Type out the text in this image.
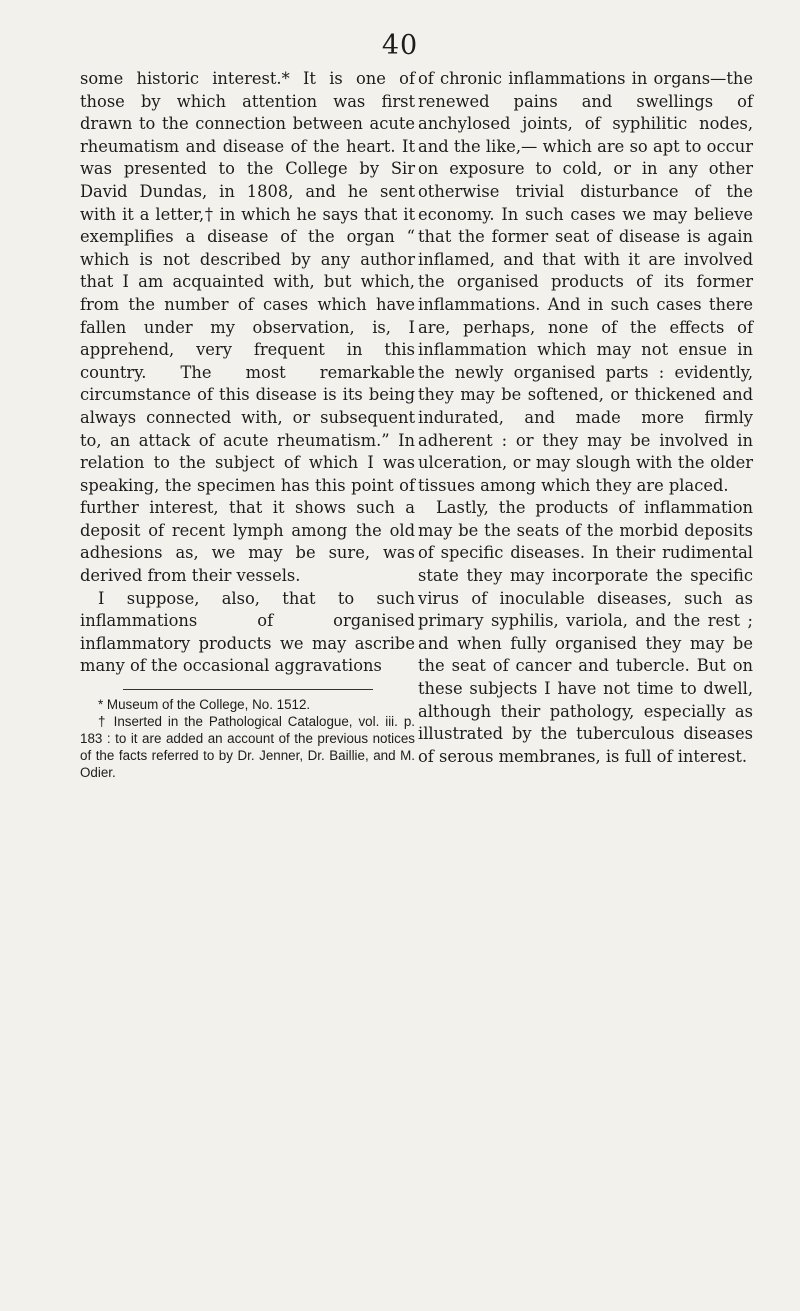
40

some historic interest.* It is one of those by which attention was first drawn to the connection between acute rheumatism and disease of the heart. It was presented to the College by Sir David Dundas, in 1808, and he sent with it a letter,† in which he says that it exemplifies a disease of the organ “ which is not described by any author that I am acquainted with, but which, from the number of cases which have fallen under my observation, is, I apprehend, very frequent in this country. The most remarkable circumstance of this disease is its being always connected with, or subsequent to, an attack of acute rheumatism.” In relation to the subject of which I was speaking, the specimen has this point of further interest, that it shows such a deposit of recent lymph among the old adhesions as, we may be sure, was derived from their vessels.

I suppose, also, that to such inflammations of organised inflammatory products we may ascribe many of the occasional aggravations

* Museum of the College, No. 1512.

† Inserted in the Pathological Catalogue, vol. iii. p. 183 : to it are added an account of the previous notices of the facts referred to by Dr. Jenner, Dr. Baillie, and M. Odier.

of chronic inflammations in organs—the renewed pains and swellings of anchylosed joints, of syphilitic nodes, and the like,— which are so apt to occur on exposure to cold, or in any other otherwise trivial disturbance of the economy. In such cases we may believe that the former seat of disease is again inflamed, and that with it are involved the organised products of its former inflammations. And in such cases there are, perhaps, none of the effects of inflammation which may not ensue in the newly organised parts : evidently, they may be softened, or thickened and indurated, and made more firmly adherent : or they may be involved in ulceration, or may slough with the older tissues among which they are placed.

Lastly, the products of inflammation may be the seats of the morbid deposits of specific diseases. In their rudimental state they may incorporate the specific virus of inoculable diseases, such as primary syphilis, variola, and the rest ; and when fully organised they may be the seat of cancer and tubercle. But on these subjects I have not time to dwell, although their pathology, especially as illustrated by the tuberculous diseases of serous membranes, is full of interest.
